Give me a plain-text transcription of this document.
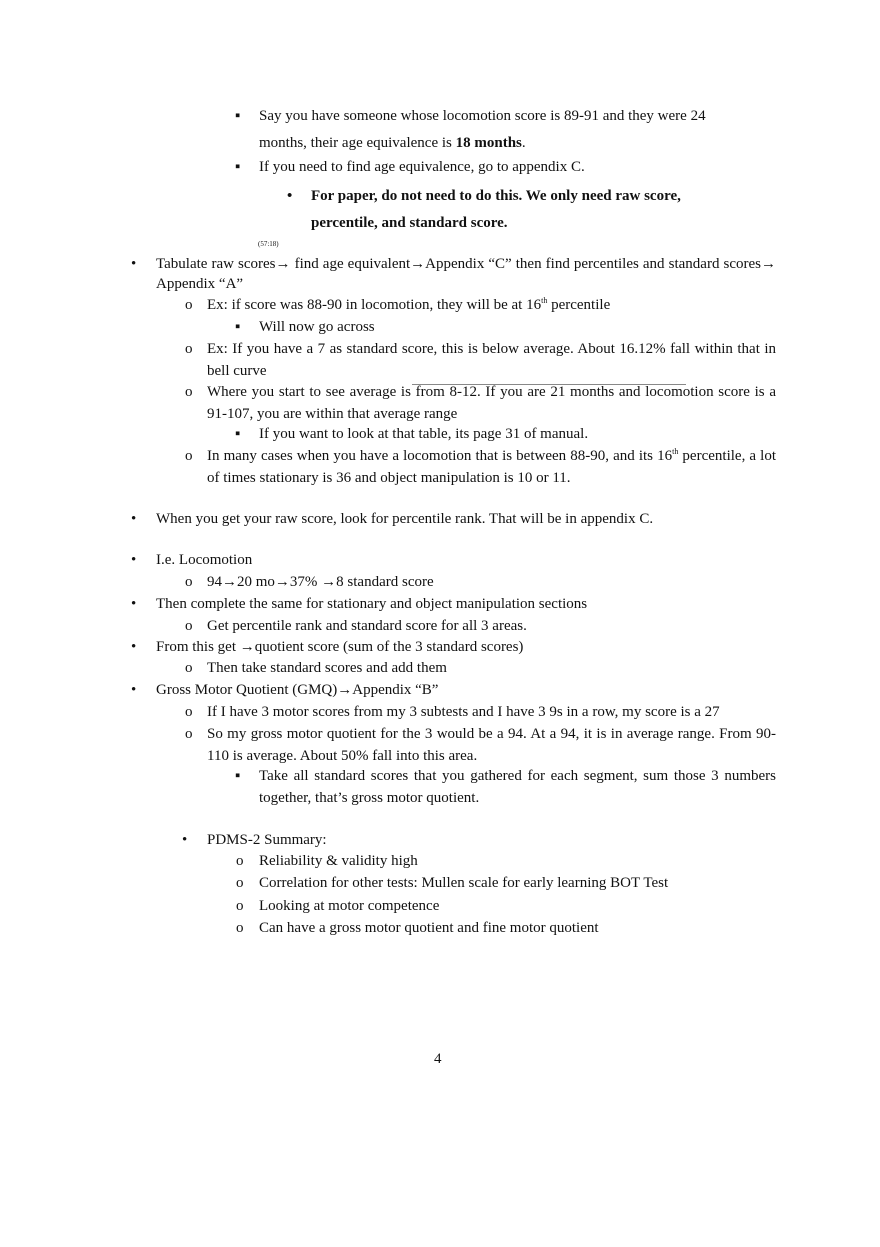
▪ Say you have someone whose locomotion score is 89-91 and they were 24 months, their age equivalence is 18 months.
▪ If you need to find age equivalence, go to appendix C.
• For paper, do not need to do this. We only need raw score, percentile, and standard score.
(57:18)
• Tabulate raw scores→ find age equivalent→Appendix “C” then find percentiles and standard scores→ Appendix “A”
o Ex: if score was 88-90 in locomotion, they will be at 16th percentile
▪ Will now go across
o Ex: If you have a 7 as standard score, this is below average. About 16.12% fall within that in bell curve
o Where you start to see average is from 8-12. If you are 21 months and locomotion score is a 91-107, you are within that average range
▪ If you want to look at that table, its page 31 of manual.
o In many cases when you have a locomotion that is between 88-90, and its 16th percentile, a lot of times stationary is 36 and object manipulation is 10 or 11.
• When you get your raw score, look for percentile rank. That will be in appendix C.
• I.e. Locomotion
o 94→20 mo→37% →8 standard score
• Then complete the same for stationary and object manipulation sections
o Get percentile rank and standard score for all 3 areas.
• From this get →quotient score (sum of the 3 standard scores)
o Then take standard scores and add them
• Gross Motor Quotient (GMQ)→Appendix “B”
o If I have 3 motor scores from my 3 subtests and I have 3 9s in a row, my score is a 27
o So my gross motor quotient for the 3 would be a 94. At a 94, it is in average range. From 90-110 is average. About 50% fall into this area.
▪ Take all standard scores that you gathered for each segment, sum those 3 numbers together, that’s gross motor quotient.
• PDMS-2 Summary:
o Reliability & validity high
o Correlation for other tests: Mullen scale for early learning BOT Test
o Looking at motor competence
o Can have a gross motor quotient and fine motor quotient
4
